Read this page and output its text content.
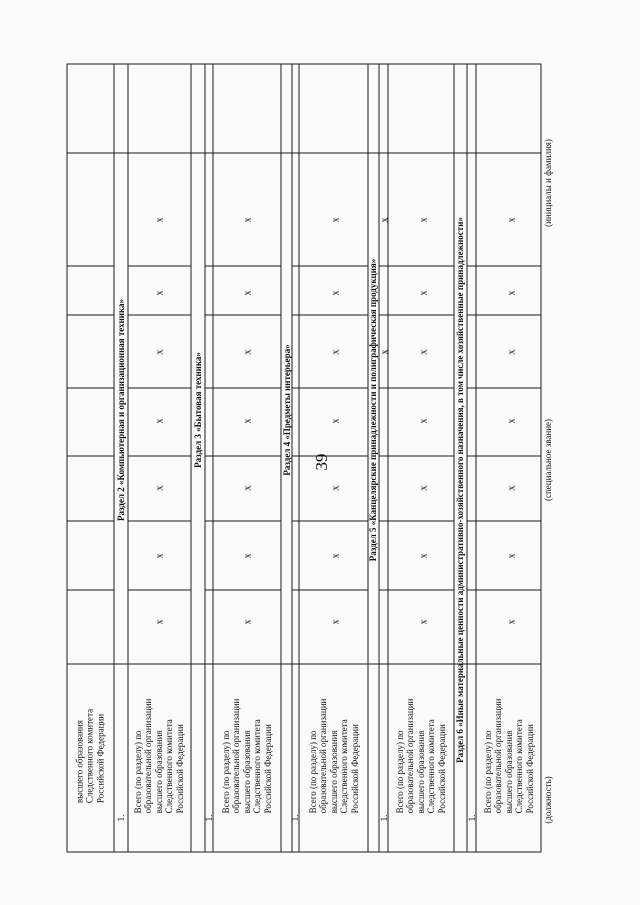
39
высшего образования Следственного комитета Российской Федерации
Раздел 2 «Компьютерная и организационная техника»
1.
Всего (по разделу) по образовательной организации высшего образования Следственного комитета Российской Федерации
x
x
x
x
x
x
x
Раздел 3 «Бытовая техника»
1.
Всего (по разделу) по образовательной организации высшего образования Следственного комитета Российской Федерации
x
x
x
x
x
x
x
Раздел 4 «Предметы интерьера»
1.
Всего (по разделу) по образовательной организации высшего образования Следственного комитета Российской Федерации
x
x
x
x
x
x
x
Раздел 5 «Канцелярские принадлежности и полиграфическая продукция» x
x
1.
Всего (по разделу) по образовательной организации высшего образования Следственного комитета Российской Федерации
x
x
x
x
x
x
x	Раздел 6 «Иные материальные ценности административно-хозяйственного назначения, в том числе хозяйственные принадлежности»
1.
Всего (по разделу) по образовательной организации высшего образования Следственного комитета Российской Федерации
x
x
x
x
x
x
x
(должность)
(специальное звание)
(инициалы и фамилия)
